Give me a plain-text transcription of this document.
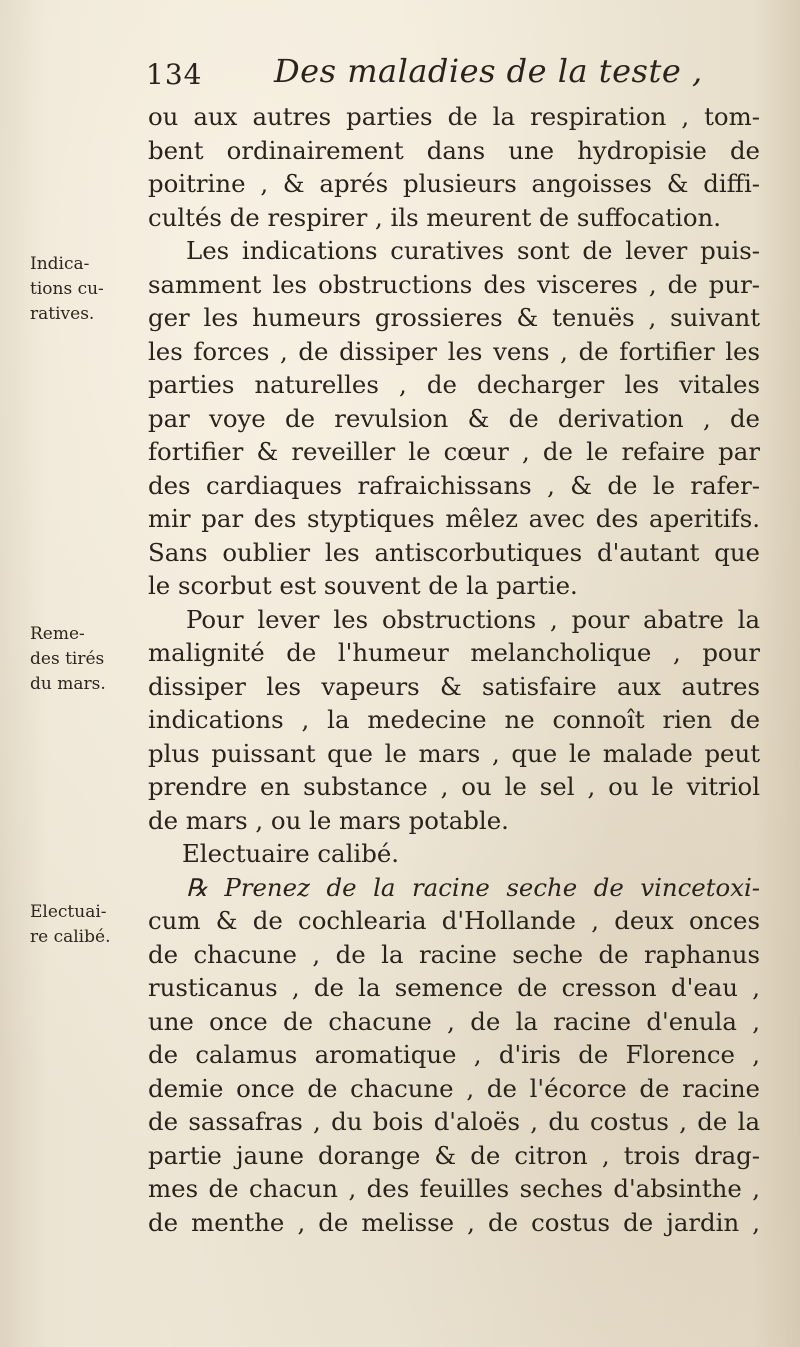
134 Des maladies de la teste ,
Indica-
tions cu-
ratives.
Reme-
des tirés
du mars.
Electuai-
re calibé.
ou aux autres parties de la respiration , tom-
bent ordinairement dans une hydropisie de
poitrine , & aprés plusieurs angoisses & diffi-
cultés de respirer , ils meurent de suffocation.
Les indications curatives sont de lever puis-
samment les obstructions des visceres , de pur-
ger les humeurs grossieres & tenuës , suivant
les forces , de dissiper les vens , de fortifier les
parties naturelles , de decharger les vitales
par voye de revulsion & de derivation , de
fortifier & reveiller le cœur , de le refaire par
des cardiaques rafraichissans , & de le rafer-
mir par des styptiques mêlez avec des aperitifs.
Sans oublier les antiscorbutiques d'autant que
le scorbut est souvent de la partie.
Pour lever les obstructions , pour abatre la
malignité de l'humeur melancholique , pour
dissiper les vapeurs & satisfaire aux autres
indications , la medecine ne connoît rien de
plus puissant que le mars , que le malade peut
prendre en substance , ou le sel , ou le vitriol
de mars , ou le mars potable.
Electuaire calibé.
℞ Prenez de la racine seche de vincetoxi-
cum & de cochlearia d'Hollande , deux onces
de chacune , de la racine seche de raphanus
rusticanus , de la semence de cresson d'eau ,
une once de chacune , de la racine d'enula ,
de calamus aromatique , d'iris de Florence ,
demie once de chacune , de l'écorce de racine
de sassafras , du bois d'aloës , du costus , de la
partie jaune dorange & de citron , trois drag-
mes de chacun , des feuilles seches d'absinthe ,
de menthe , de melisse , de costus de jardin ,
